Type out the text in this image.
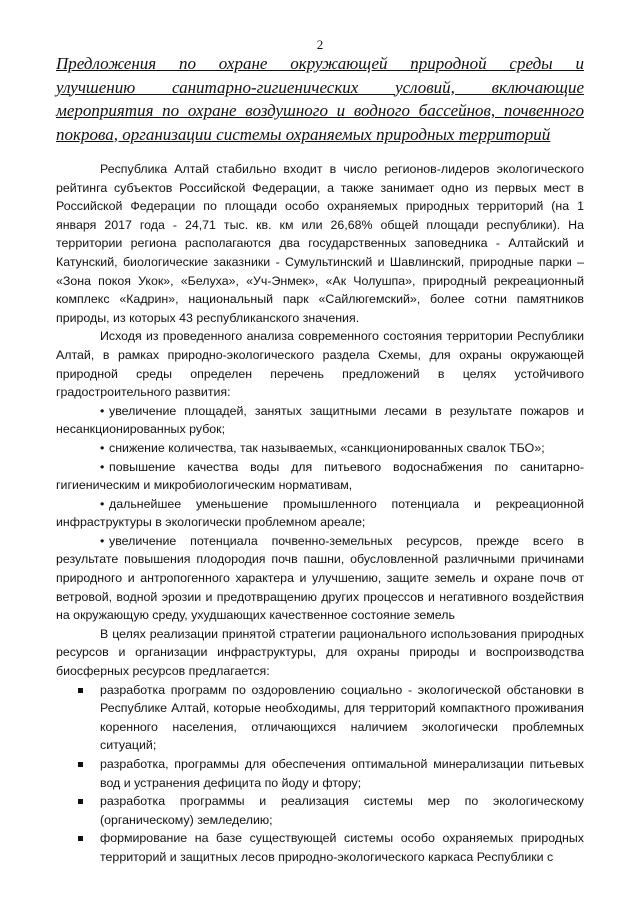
2
Предложения по охране окружающей природной среды и
улучшению санитарно-гигиенических условий, включающие
мероприятия по охране воздушного и водного бассейнов, почвенного
покрова, организации системы охраняемых природных территорий

Республика Алтай стабильно входит в число регионов-лидеров экологического рейтинга субъектов Российской Федерации, а также занимает одно из первых мест в Российской Федерации по площади особо охраняемых природных территорий (на 1 января 2017 года - 24,71 тыс. кв. км или 26,68% общей площади республики). На территории региона располагаются два государственных заповедника - Алтайский и Катунский, биологические заказники - Сумультинский и Шавлинский, природные парки – «Зона покоя Укок», «Белуха», «Уч-Энмек», «Ак Чолушпа», природный рекреационный комплекс «Кадрин», национальный парк «Сайлюгемский», более сотни памятников природы, из которых 43 республиканского значения.

Исходя из проведенного анализа современного состояния территории Республики Алтай, в рамках природно-экологического раздела Схемы, для охраны окружающей природной среды определен перечень предложений в целях устойчивого градостроительного развития:

• увеличение площадей, занятых защитными лесами в результате пожаров и несанкционированных рубок;

• снижение количества, так называемых, «санкционированных свалок ТБО»;

• повышение качества воды для питьевого водоснабжения по санитарно-гигиеническим и микробиологическим нормативам,

• дальнейшее уменьшение промышленного потенциала и рекреационной инфраструктуры в экологически проблемном ареале;

• увеличение потенциала почвенно-земельных ресурсов, прежде всего в результате повышения плодородия почв пашни, обусловленной различными причинами природного и антропогенного характера и улучшению, защите земель и охране почв от ветровой, водной эрозии и предотвращению других процессов и негативного воздействия на окружающую среду, ухудшающих качественное состояние земель

В целях реализации принятой стратегии рационального использования природных ресурсов и организации инфраструктуры, для охраны природы и воспроизводства биосферных ресурсов предлагается:

разработка программ по оздоровлению социально - экологической обстановки в Республике Алтай, которые необходимы, для территорий компактного проживания коренного населения, отличающихся наличием экологически проблемных ситуаций;
разработка, программы для обеспечения оптимальной минерализации питьевых вод и устранения дефицита по йоду и фтору;
разработка программы и реализация системы мер по экологическому (органическому) земледелию;
формирование на базе существующей системы особо охраняемых природных территорий и защитных лесов природно-экологического каркаса Республики с
